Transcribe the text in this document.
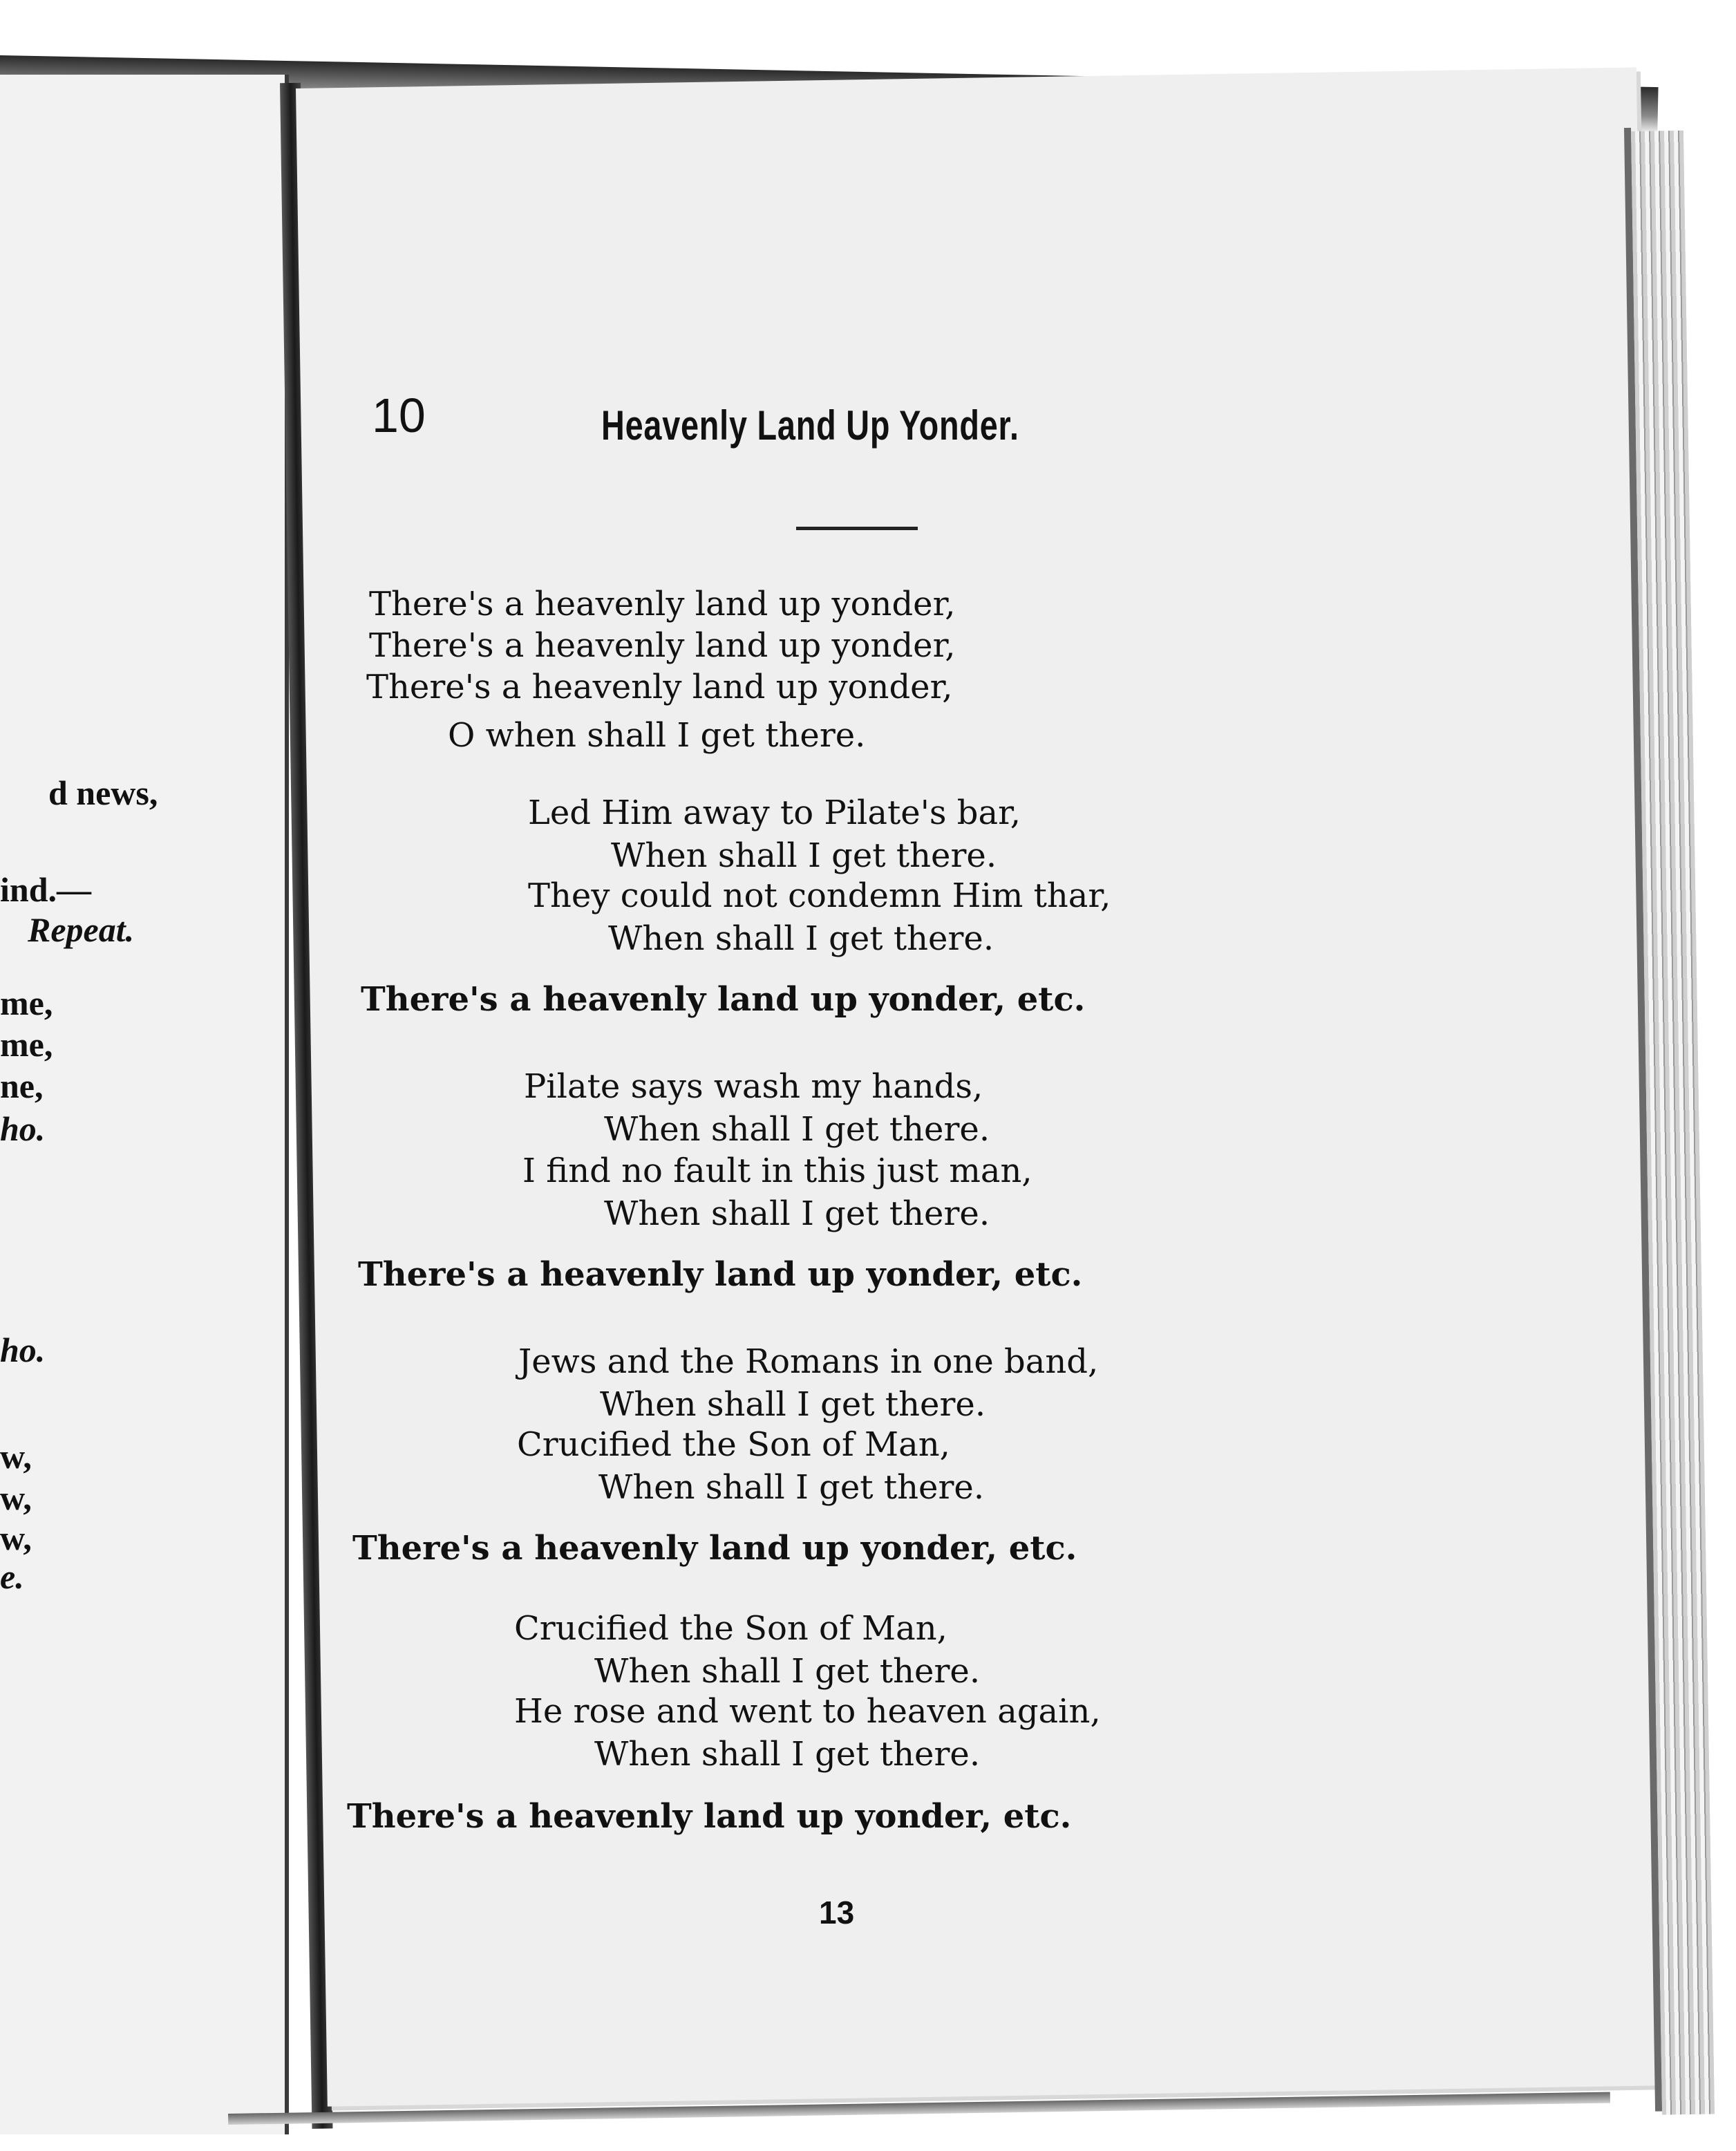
d news,
ind.—
Repeat.
me,
me,
ne,
ho.
ho.
w,
w,
w,
e.
10	Heavenly Land Up Yonder.
There's a heavenly land up yonder,
There's a heavenly land up yonder,
There's a heavenly land up yonder,
O when shall I get there.
Led Him away to Pilate's bar,
When shall I get there.
They could not condemn Him thar,
When shall I get there.
There's a heavenly land up yonder, etc.
Pilate says wash my hands,
When shall I get there.
I find no fault in this just man,
When shall I get there.
There's a heavenly land up yonder, etc.
Jews and the Romans in one band,
When shall I get there.
Crucified the Son of Man,
When shall I get there.
There's a heavenly land up yonder, etc.
Crucified the Son of Man,
When shall I get there.
He rose and went to heaven again,
When shall I get there.
There's a heavenly land up yonder, etc.
13
